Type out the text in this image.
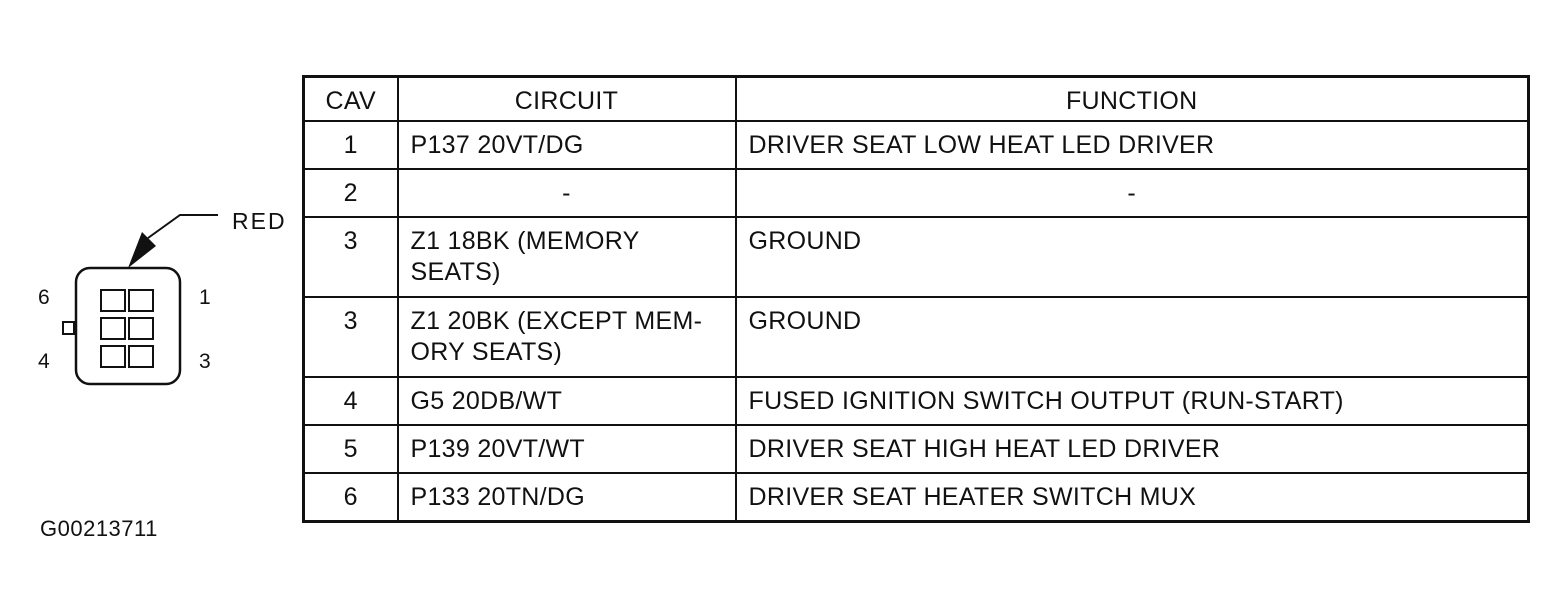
RED
6	1
4	3
CAV	CIRCUIT	FUNCTION
1	P137 20VT/DG	DRIVER SEAT LOW HEAT LED DRIVER
2	-	-
3	Z1 18BK (MEMORY SEATS)	GROUND
3	Z1 20BK (EXCEPT MEM-ORY SEATS)	GROUND
4	G5 20DB/WT	FUSED IGNITION SWITCH OUTPUT (RUN-START)
5	P139 20VT/WT	DRIVER SEAT HIGH HEAT LED DRIVER
6	P133 20TN/DG	DRIVER SEAT HEATER SWITCH MUX
G00213711
